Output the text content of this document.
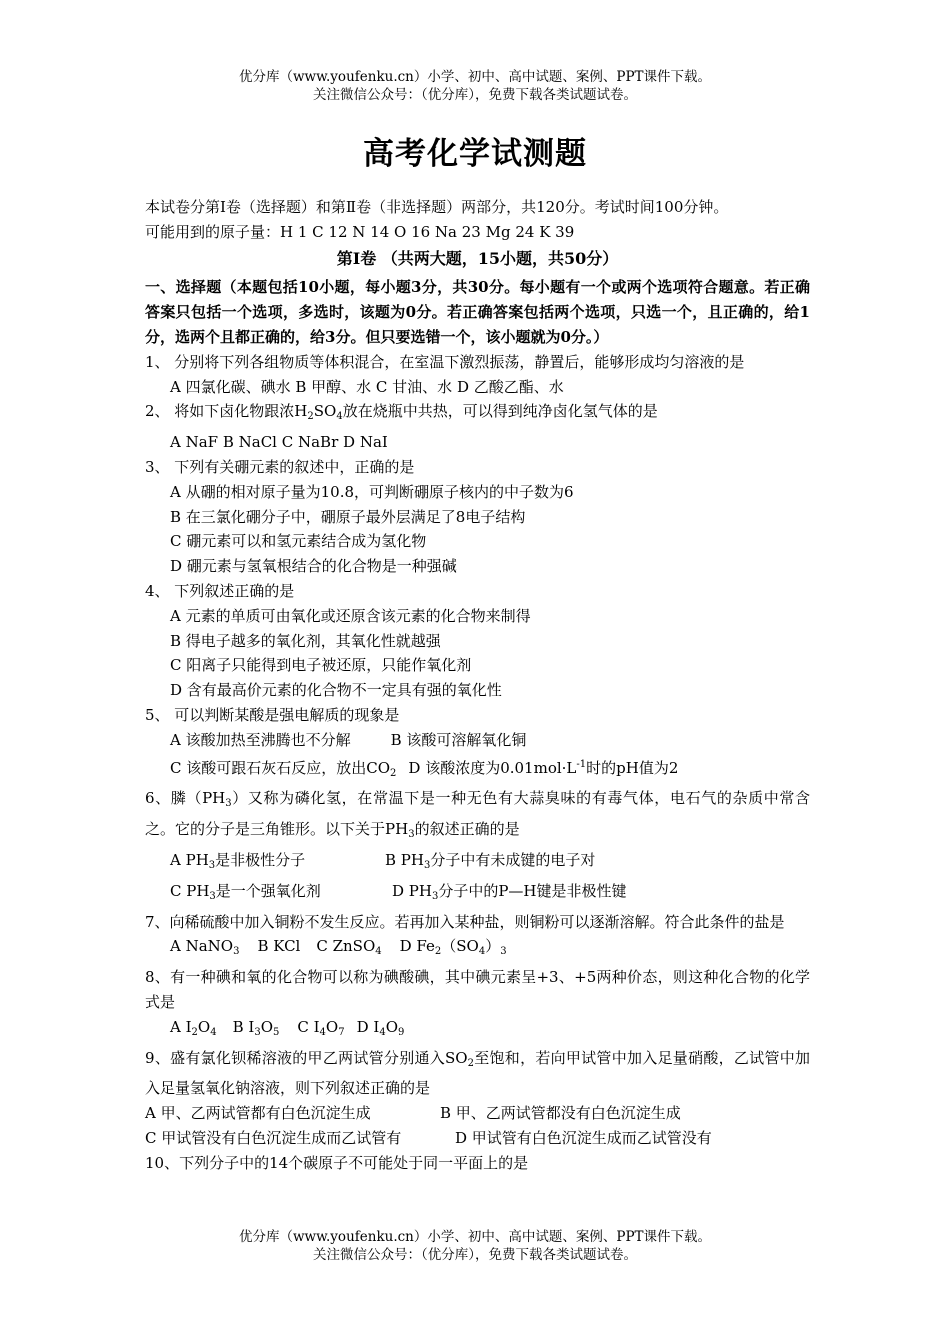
优分库（www.youfenku.cn）小学、初中、高中试题、案例、PPT课件下载。
关注微信公众号：（优分库），免费下载各类试题试卷。
高考化学试测题

本试卷分第Ⅰ卷（选择题）和第Ⅱ卷（非选择题）两部分，共120分。考试时间100分钟。

可能用到的原子量：H 1 C 12 N 14 O 16 Na 23 Mg 24 K 39

第Ⅰ卷 （共两大题，15小题，共50分）

一、选择题（本题包括10小题，每小题3分，共30分。每小题有一个或两个选项符合题意。若正确答案只包括一个选项，多选时，该题为0分。若正确答案包括两个选项，只选一个，且正确的，给1分，选两个且都正确的，给3分。但只要选错一个，该小题就为0分。）

1、 分别将下列各组物质等体积混合，在室温下激烈振荡，静置后，能够形成均匀溶液的是

A 四氯化碳、碘水 B 甲醇、水 C 甘油、水 D 乙酸乙酯、水

2、 将如下卤化物跟浓$H_2SO_4$放在烧瓶中共热，可以得到纯净卤化氢气体的是

A NaF B NaCl C NaBr D NaI

3、 下列有关硼元素的叙述中，正确的是

A 从硼的相对原子量为10.8，可判断硼原子核内的中子数为6

B 在三氯化硼分子中，硼原子最外层满足了8电子结构

C 硼元素可以和氢元素结合成为氢化物

D 硼元素与氢氧根结合的化合物是一种强碱

4、 下列叙述正确的是

A 元素的单质可由氧化或还原含该元素的化合物来制得

B 得电子越多的氧化剂，其氧化性就越强

C 阳离子只能得到电子被还原，只能作氧化剂

D 含有最高价元素的化合物不一定具有强的氧化性

5、 可以判断某酸是强电解质的现象是

A 该酸加热至沸腾也不分解	B 该酸可溶解氧化铜

C 该酸可跟石灰石反应，放出$CO_2$ D 该酸浓度为$0.01mol\cdot L^{-1}$时的pH值为2

6、膦$(PH_3)$又称为磷化氢，在常温下是一种无色有大蒜臭味的有毒气体，电石气的杂质中常含之。它的分子是三角锥形。以下关于$PH_3$的叙述正确的是

A $PH_3$是非极性分子	B $PH_3$分子中有未成键的电子对

C $PH_3$是一个强氧化剂	D $PH_3$分子中的P—H键是非极性键

7、向稀硫酸中加入铜粉不发生反应。若再加入某种盐，则铜粉可以逐渐溶解。符合此条件的盐是

A NaNO$_3$ B KCl C ZnSO$_4$ D $Fe_2(SO_4)_3$

8、有一种碘和氧的化合物可以称为碘酸碘，其中碘元素呈+3、+5两种价态，则这种化合物的化学式是

A $I_2O_4$ B $I_3O_5$ C $I_4O_7$ D $I_4O_9$

9、盛有氯化钡稀溶液的甲乙两试管分别通入$SO_2$至饱和，若向甲试管中加入足量硝酸，乙试管中加入足量氢氧化钠溶液，则下列叙述正确的是

A 甲、乙两试管都有白色沉淀生成	B 甲、乙两试管都没有白色沉淀生成

C 甲试管没有白色沉淀生成而乙试管有	D 甲试管有白色沉淀生成而乙试管没有

10、下列分子中的14个碳原子不可能处于同一平面上的是

优分库（www.youfenku.cn）小学、初中、高中试题、案例、PPT课件下载。
关注微信公众号：（优分库），免费下载各类试题试卷。
